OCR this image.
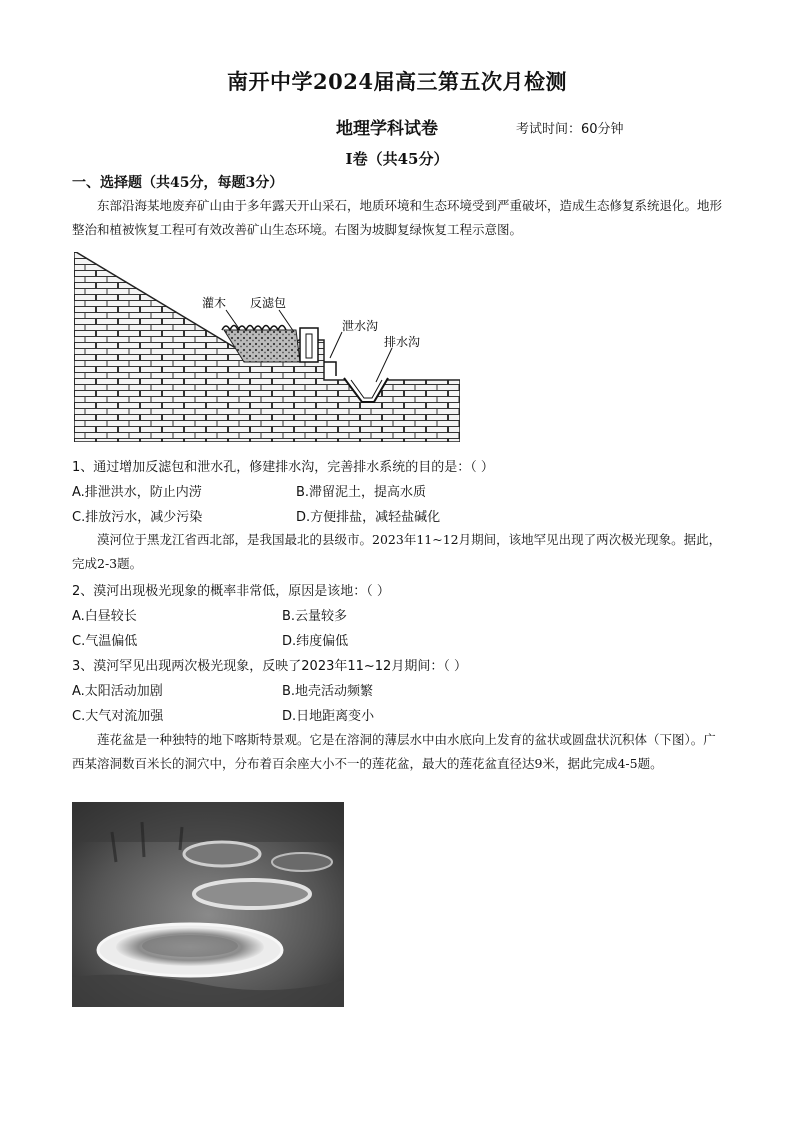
南开中学2024届高三第五次月检测
地理学科试卷	考试时间：60分钟
I卷（共45分）
一、选择题（共45分，每题3分）
东部沿海某地废弃矿山由于多年露天开山采石，地质环境和生态环境受到严重破坏，造成生态修复系统退化。地形整治和植被恢复工程可有效改善矿山生态环境。右图为坡脚复绿恢复工程示意图。
灌木 反滤包
泄水沟
排水沟
1、通过增加反滤包和泄水孔，修建排水沟，完善排水系统的目的是：（ ）
A.排泄洪水，防止内涝	B.滞留泥土，提高水质
C.排放污水，减少污染	D.方便排盐，减轻盐碱化
漠河位于黑龙江省西北部，是我国最北的县级市。2023年11~12月期间，该地罕见出现了两次极光现象。据此，完成2-3题。
2、漠河出现极光现象的概率非常低，原因是该地：（ ）
A.白昼较长	B.云量较多
C.气温偏低	D.纬度偏低
3、漠河罕见出现两次极光现象，反映了2023年11~12月期间：（ ）
A.太阳活动加剧	B.地壳活动频繁
C.大气对流加强	D.日地距离变小
莲花盆是一种独特的地下喀斯特景观。它是在溶洞的薄层水中由水底向上发育的盆状或圆盘状沉积体（下图）。广西某溶洞数百米长的洞穴中，分布着百余座大小不一的莲花盆，最大的莲花盆直径达9米，据此完成4-5题。
